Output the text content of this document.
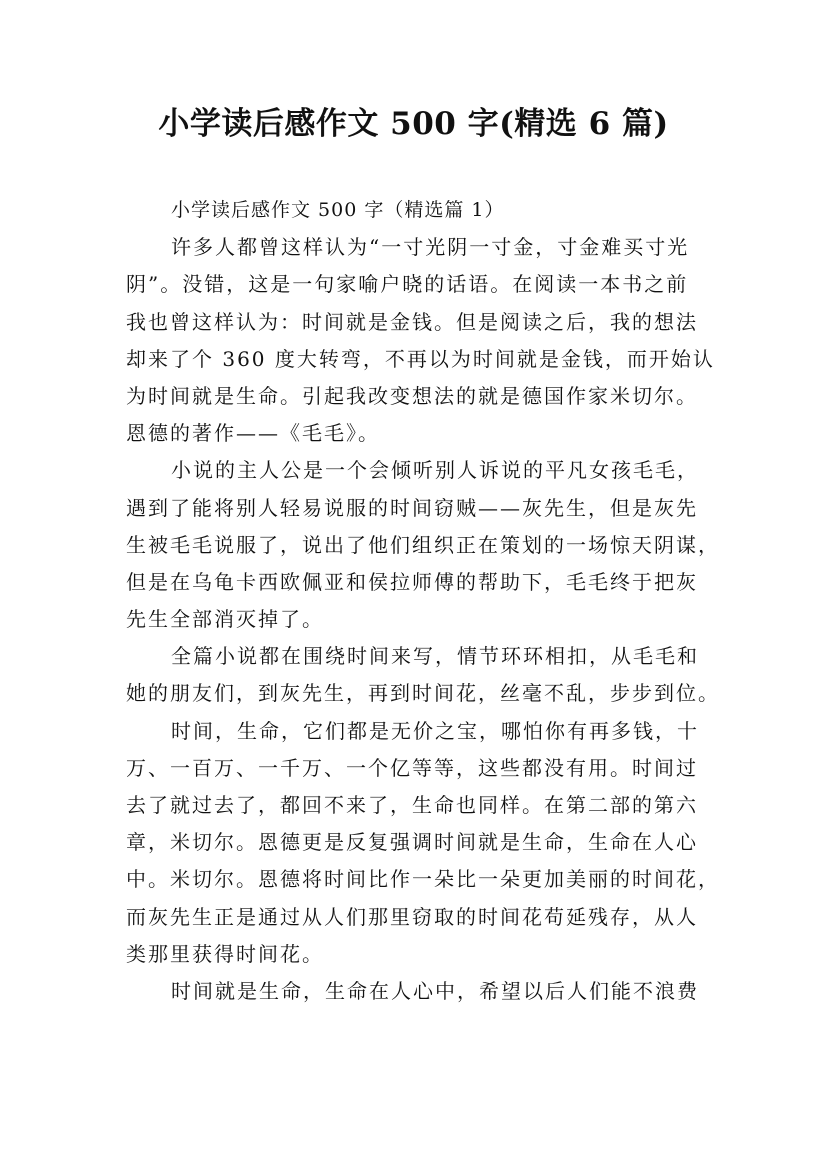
小学读后感作文 500 字(精选 6 篇)
小学读后感作文 500 字（精选篇 1）
许多人都曾这样认为“一寸光阴一寸金，寸金难买寸光
阴”。没错，这是一句家喻户晓的话语。在阅读一本书之前
我也曾这样认为：时间就是金钱。但是阅读之后，我的想法
却来了个 360 度大转弯，不再以为时间就是金钱，而开始认
为时间就是生命。引起我改变想法的就是德国作家米切尔。
恩德的著作——《毛毛》。
小说的主人公是一个会倾听别人诉说的平凡女孩毛毛，
遇到了能将别人轻易说服的时间窃贼——灰先生，但是灰先
生被毛毛说服了，说出了他们组织正在策划的一场惊天阴谋，
但是在乌龟卡西欧佩亚和侯拉师傅的帮助下，毛毛终于把灰
先生全部消灭掉了。
全篇小说都在围绕时间来写，情节环环相扣，从毛毛和
她的朋友们，到灰先生，再到时间花，丝毫不乱，步步到位。
时间，生命，它们都是无价之宝，哪怕你有再多钱，十
万、一百万、一千万、一个亿等等，这些都没有用。时间过
去了就过去了，都回不来了，生命也同样。在第二部的第六
章，米切尔。恩德更是反复强调时间就是生命，生命在人心
中。米切尔。恩德将时间比作一朵比一朵更加美丽的时间花，
而灰先生正是通过从人们那里窃取的时间花苟延残存，从人
类那里获得时间花。
时间就是生命，生命在人心中，希望以后人们能不浪费
